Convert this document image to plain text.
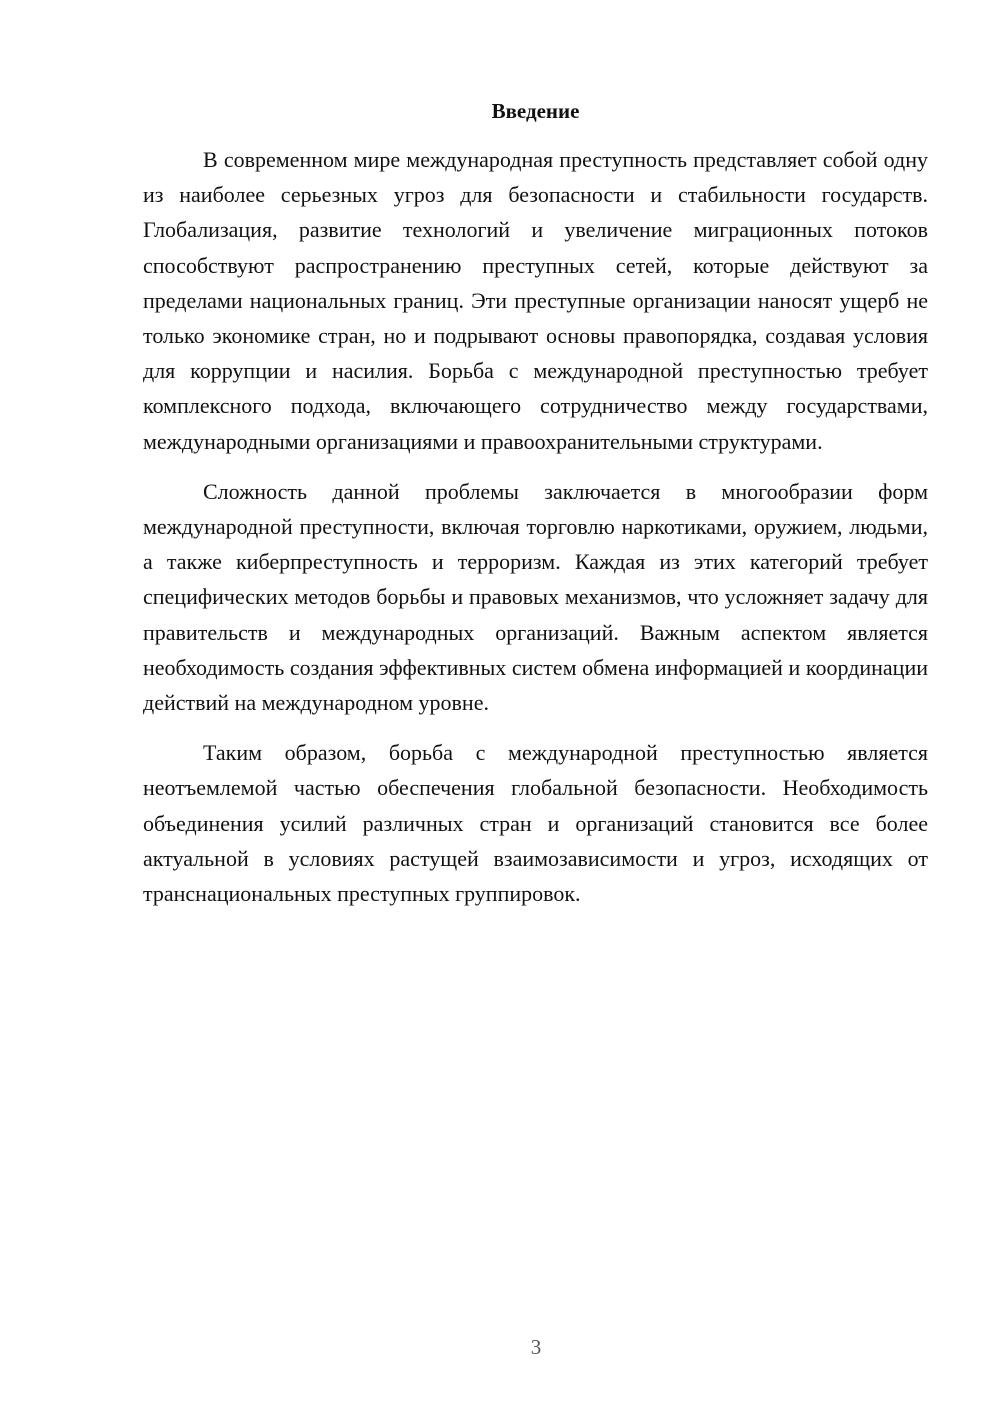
Введение

В современном мире международная преступность представляет собой одну из наиболее серьезных угроз для безопасности и стабильности государств. Глобализация, развитие технологий и увеличение миграционных потоков способствуют распространению преступных сетей, которые действуют за пределами национальных границ. Эти преступные организации наносят ущерб не только экономике стран, но и подрывают основы правопорядка, создавая условия для коррупции и насилия. Борьба с международной преступностью требует комплексного подхода, включающего сотрудничество между государствами, международными организациями и правоохранительными структурами.

Сложность данной проблемы заключается в многообразии форм международной преступности, включая торговлю наркотиками, оружием, людьми, а также киберпреступность и терроризм. Каждая из этих категорий требует специфических методов борьбы и правовых механизмов, что усложняет задачу для правительств и международных организаций. Важным аспектом является необходимость создания эффективных систем обмена информацией и координации действий на международном уровне.

Таким образом, борьба с международной преступностью является неотъемлемой частью обеспечения глобальной безопасности. Необходимость объединения усилий различных стран и организаций становится все более актуальной в условиях растущей взаимозависимости и угроз, исходящих от транснациональных преступных группировок.

3
